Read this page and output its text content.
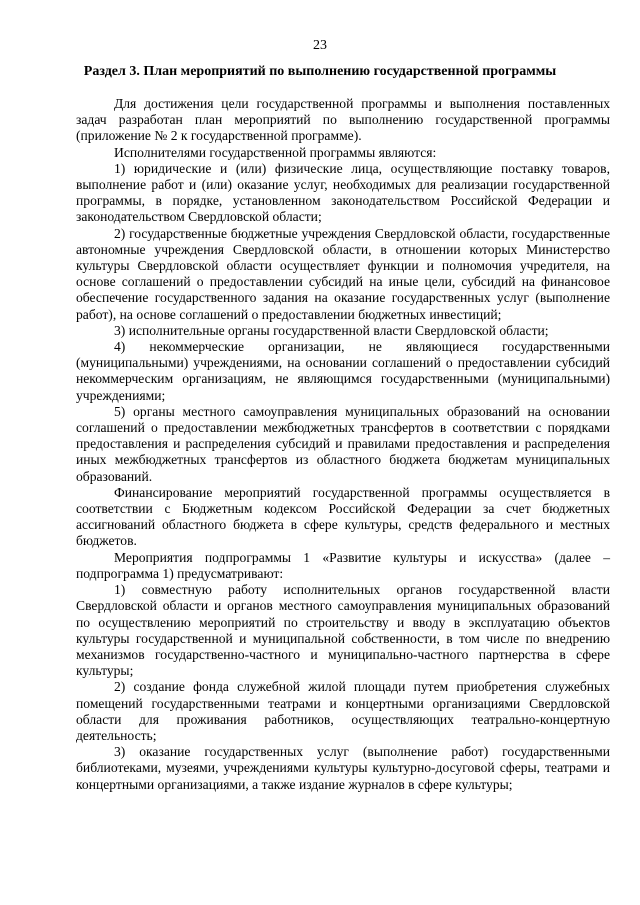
23
Раздел 3. План мероприятий по выполнению государственной программы

Для достижения цели государственной программы и выполнения поставленных задач разработан план мероприятий по выполнению государственной программы (приложение № 2 к государственной программе).

Исполнителями государственной программы являются:

1) юридические и (или) физические лица, осуществляющие поставку товаров, выполнение работ и (или) оказание услуг, необходимых для реализации государственной программы, в порядке, установленном законодательством Российской Федерации и законодательством Свердловской области;

2) государственные бюджетные учреждения Свердловской области, государственные автономные учреждения Свердловской области, в отношении которых Министерство культуры Свердловской области осуществляет функции и полномочия учредителя, на основе соглашений о предоставлении субсидий на иные цели, субсидий на финансовое обеспечение государственного задания на оказание государственных услуг (выполнение работ), на основе соглашений о предоставлении бюджетных инвестиций;

3) исполнительные органы государственной власти Свердловской области;

4) некоммерческие организации, не являющиеся государственными (муниципальными) учреждениями, на основании соглашений о предоставлении субсидий некоммерческим организациям, не являющимся государственными (муниципальными) учреждениями;

5) органы местного самоуправления муниципальных образований на основании соглашений о предоставлении межбюджетных трансфертов в соответствии с порядками предоставления и распределения субсидий и правилами предоставления и распределения иных межбюджетных трансфертов из областного бюджета бюджетам муниципальных образований.

Финансирование мероприятий государственной программы осуществляется в соответствии с Бюджетным кодексом Российской Федерации за счет бюджетных ассигнований областного бюджета в сфере культуры, средств федерального и местных бюджетов.

Мероприятия подпрограммы 1 «Развитие культуры и искусства» (далее – подпрограмма 1) предусматривают:

1) совместную работу исполнительных органов государственной власти Свердловской области и органов местного самоуправления муниципальных образований по осуществлению мероприятий по строительству и вводу в эксплуатацию объектов культуры государственной и муниципальной собственности, в том числе по внедрению механизмов государственно-частного и муниципально-частного партнерства в сфере культуры;

2) создание фонда служебной жилой площади путем приобретения служебных помещений государственными театрами и концертными организациями Свердловской области для проживания работников, осуществляющих театрально-концертную деятельность;

3) оказание государственных услуг (выполнение работ) государственными библиотеками, музеями, учреждениями культуры культурно-досуговой сферы, театрами и концертными организациями, а также издание журналов в сфере культуры;
